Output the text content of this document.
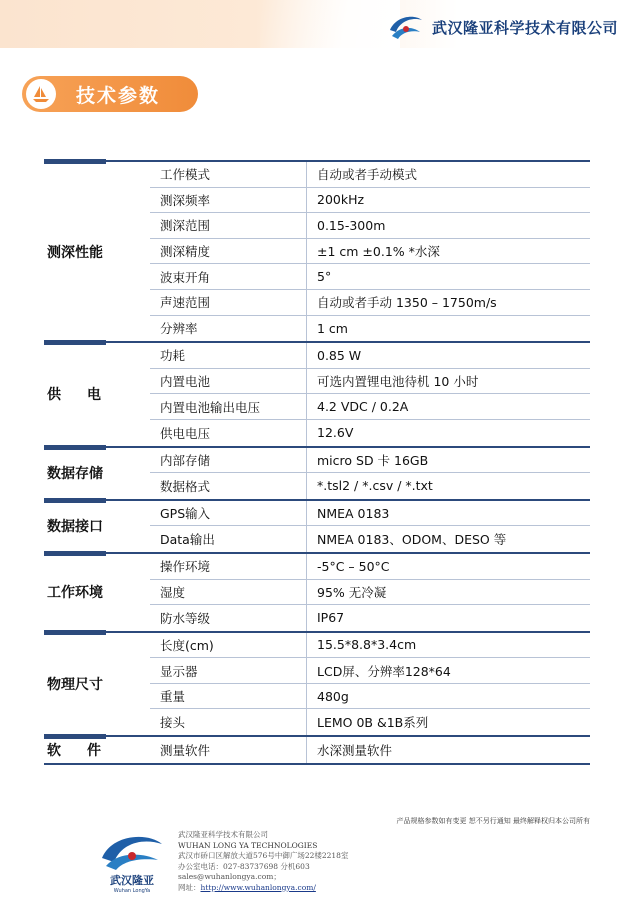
武汉隆亚科学技术有限公司
技术参数
测深性能
工作模式	自动或者手动模式
测深频率	200kHz
测深范围	0.15-300m
测深精度	±1 cm ±0.1% *水深
波束开角	5°
声速范围	自动或者手动 1350 – 1750m/s
分辨率	1 cm
供电
功耗	0.85 W
内置电池	可选内置锂电池待机 10 小时
内置电池输出电压	4.2 VDC / 0.2A
供电电压	12.6V
数据存储
内部存储	micro SD 卡 16GB
数据格式	*.tsl2 / *.csv / *.txt
数据接口
GPS输入	NMEA 0183
Data输出	NMEA 0183、ODOM、DESO 等
工作环境
操作环境	-5°C – 50°C
湿度	95% 无冷凝
防水等级	IP67
物理尺寸
长度(cm)	15.5*8.8*3.4cm
显示器	LCD屏、分辨率128*64
重量	480g
接头	LEMO 0B &1B系列
软件	测量软件	水深测量软件
产品规格参数如有变更 恕不另行通知 最终解释权归本公司所有
武汉隆亚
Wuhan LongYa
武汉隆亚科学技术有限公司
WUHAN LONG YA TECHNOLOGIES
武汉市硚口区解放大道576号中御广场22楼2218室
办公室电话：027-83737698 分机603
sales@wuhanlongya.com；
网址：http://www.wuhanlongya.com/
